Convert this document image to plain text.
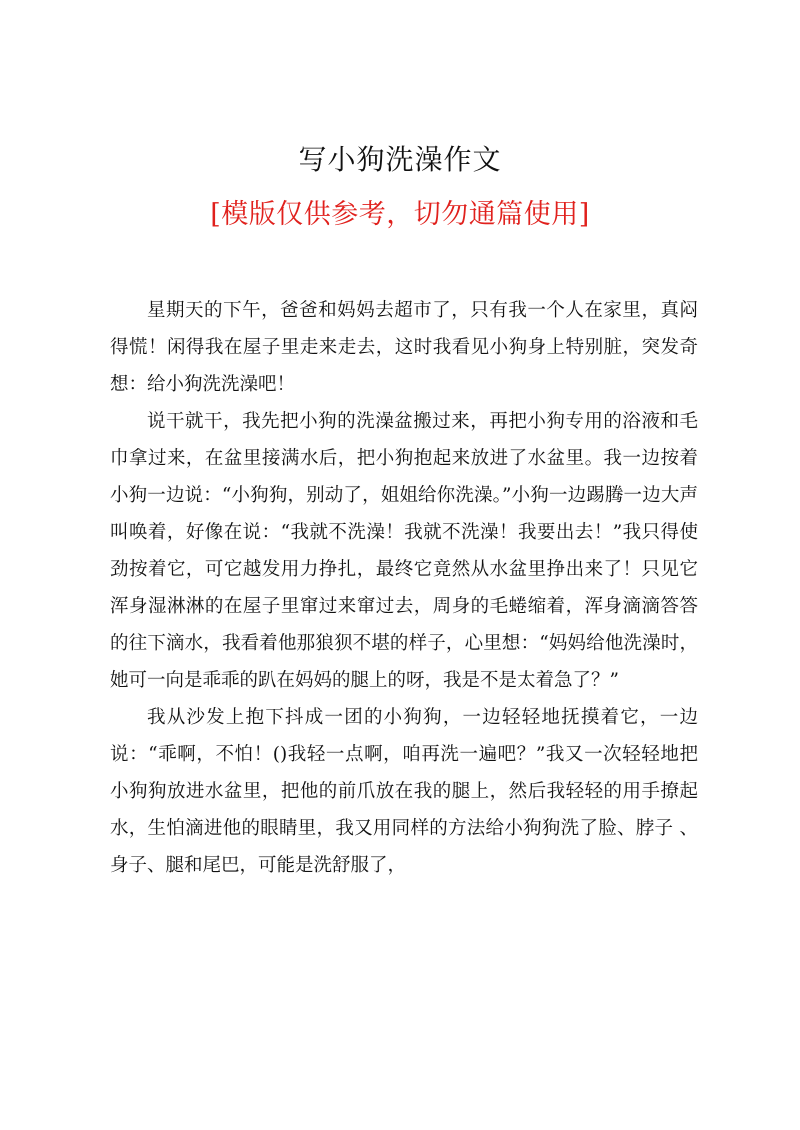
写小狗洗澡作文
[模版仅供参考，切勿通篇使用]

星期天的下午，爸爸和妈妈去超市了，只有我一个人在家里，真闷得慌！闲得我在屋子里走来走去，这时我看见小狗身上特别脏，突发奇想：给小狗洗洗澡吧！

说干就干，我先把小狗的洗澡盆搬过来，再把小狗专用的浴液和毛巾拿过来，在盆里接满水后，把小狗抱起来放进了水盆里。我一边按着小狗一边说：“小狗狗，别动了，姐姐给你洗澡。”小狗一边踢腾一边大声叫唤着，好像在说：“我就不洗澡！我就不洗澡！我要出去！”我只得使劲按着它，可它越发用力挣扎，最终它竟然从水盆里挣出来了！只见它浑身湿淋淋的在屋子里窜过来窜过去，周身的毛蜷缩着，浑身滴滴答答的往下滴水，我看着他那狼狈不堪的样子，心里想：“妈妈给他洗澡时，她可一向是乖乖的趴在妈妈的腿上的呀，我是不是太着急了？”

我从沙发上抱下抖成一团的小狗狗，一边轻轻地抚摸着它，一边说：“乖啊，不怕！()我轻一点啊，咱再洗一遍吧？”我又一次轻轻地把小狗狗放进水盆里，把他的前爪放在我的腿上，然后我轻轻的用手撩起水，生怕滴进他的眼睛里，我又用同样的方法给小狗狗洗了脸、脖子 、身子、腿和尾巴，可能是洗舒服了，
